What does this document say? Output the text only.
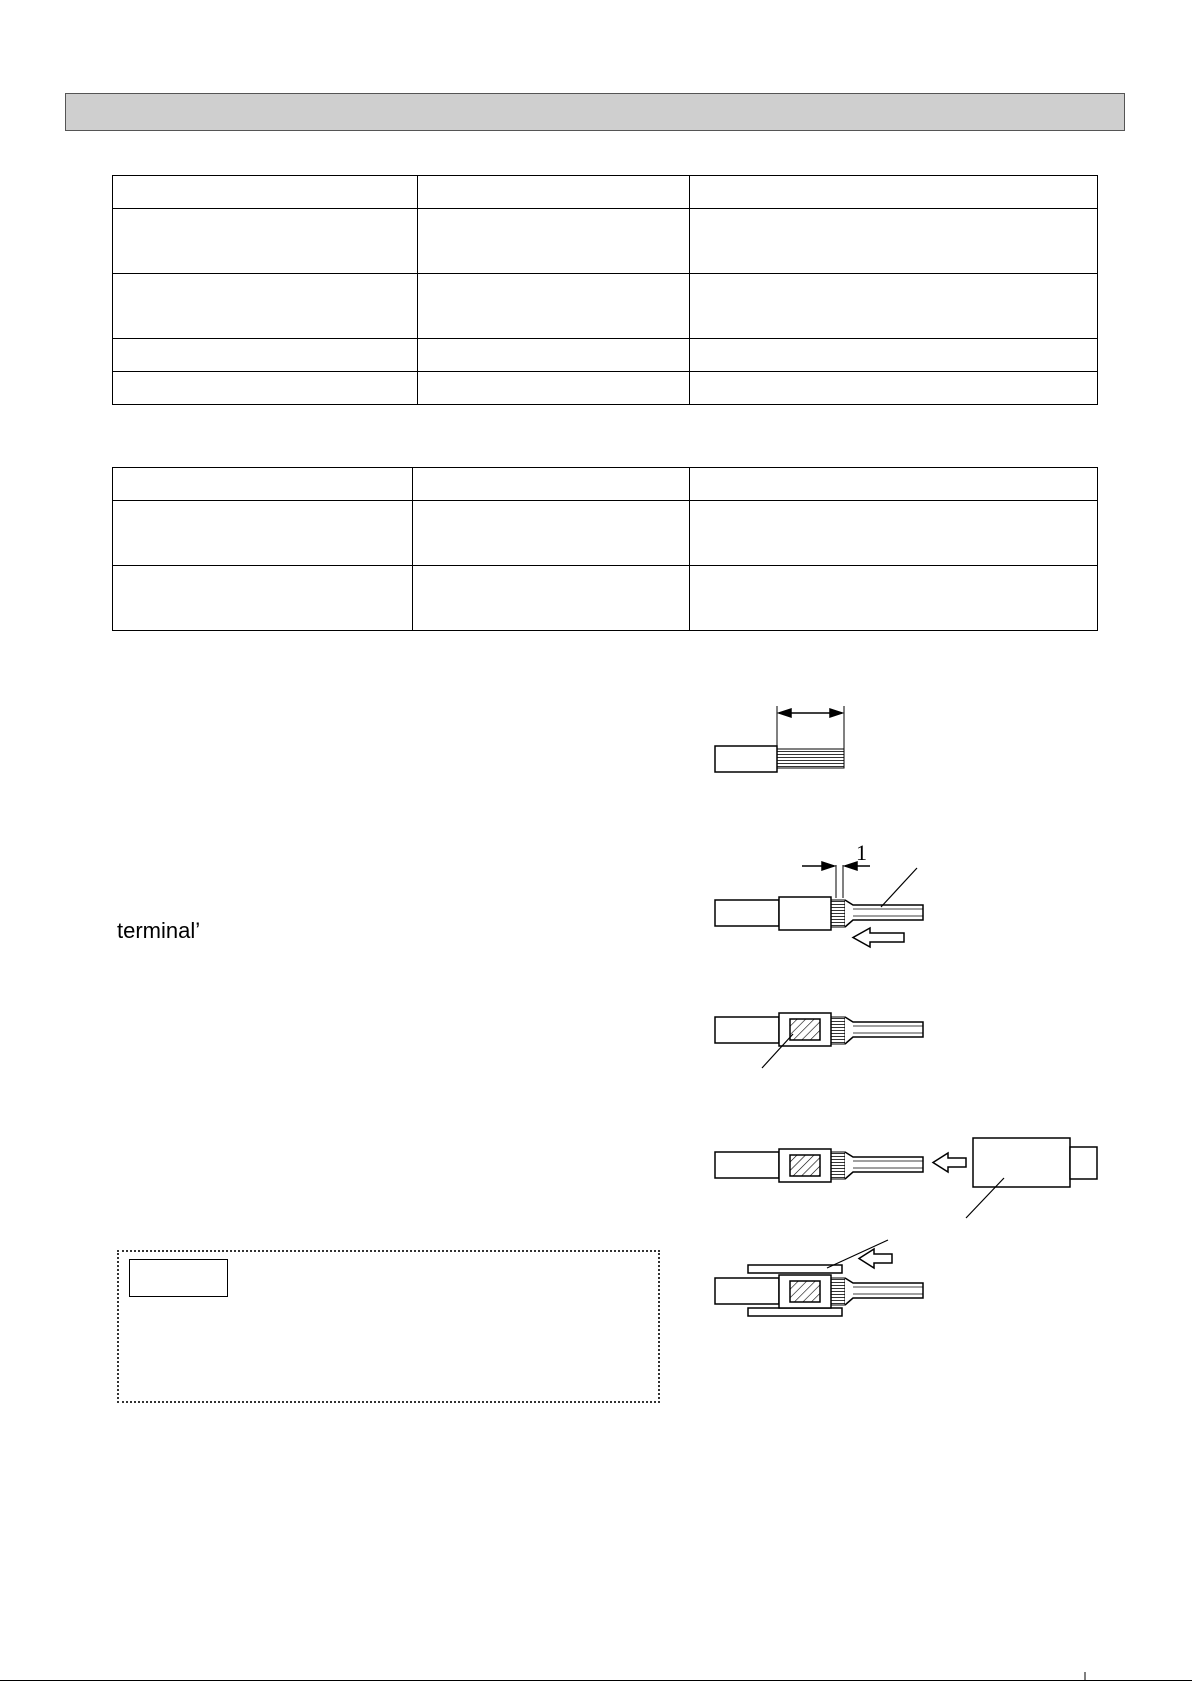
terminal’
1
